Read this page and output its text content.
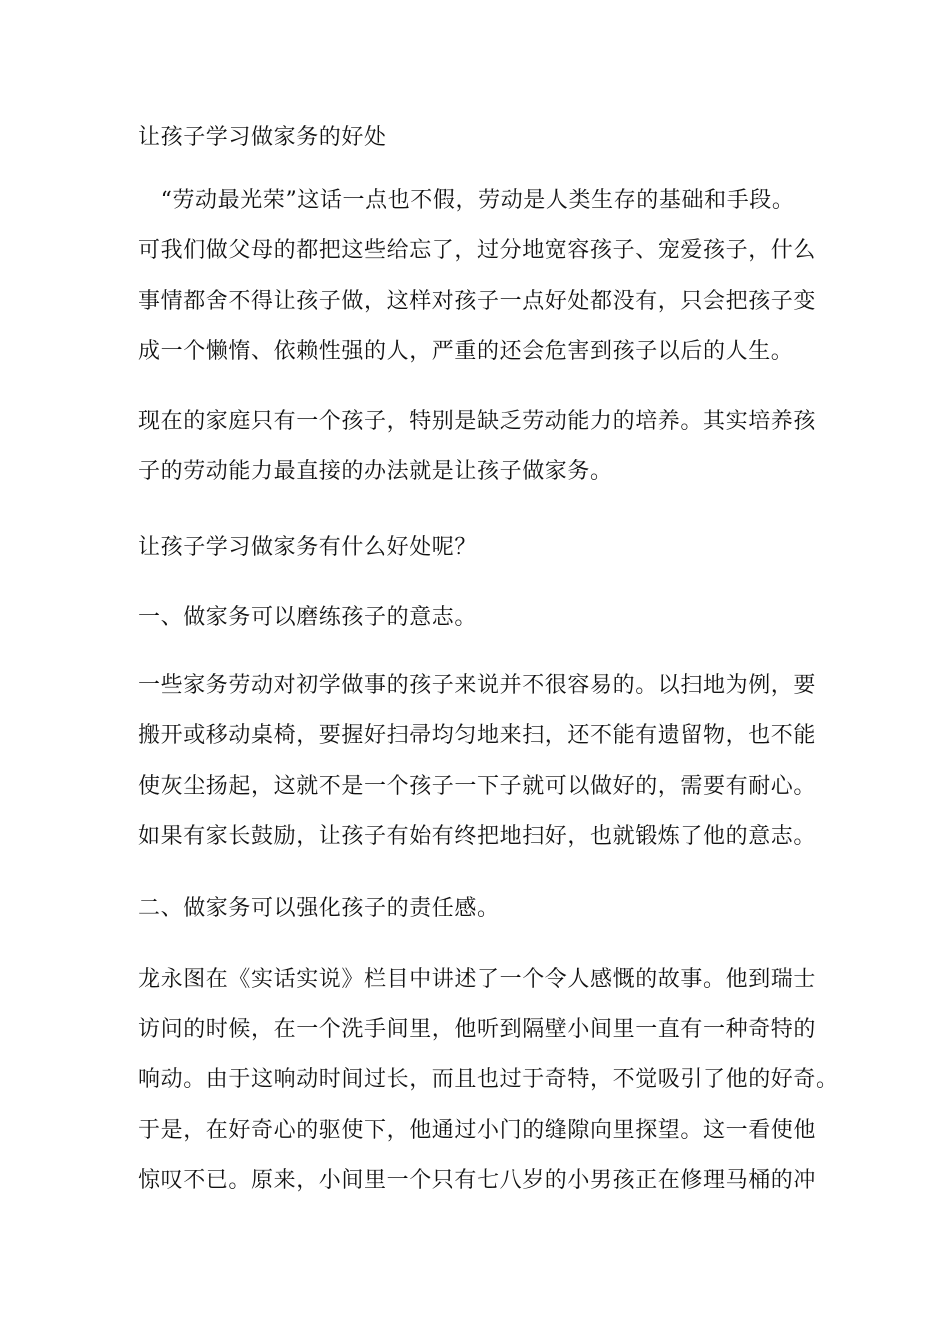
让孩子学习做家务的好处
　“劳动最光荣”这话一点也不假，劳动是人类生存的基础和手段。
可我们做父母的都把这些给忘了，过分地宽容孩子、宠爱孩子，什么
事情都舍不得让孩子做，这样对孩子一点好处都没有，只会把孩子变
成一个懒惰、依赖性强的人，严重的还会危害到孩子以后的人生。
现在的家庭只有一个孩子，特别是缺乏劳动能力的培养。其实培养孩
子的劳动能力最直接的办法就是让孩子做家务。
让孩子学习做家务有什么好处呢？
一、做家务可以磨练孩子的意志。
一些家务劳动对初学做事的孩子来说并不很容易的。以扫地为例，要
搬开或移动桌椅，要握好扫帚均匀地来扫，还不能有遗留物，也不能
使灰尘扬起，这就不是一个孩子一下子就可以做好的，需要有耐心。
如果有家长鼓励，让孩子有始有终把地扫好，也就锻炼了他的意志。
二、做家务可以强化孩子的责任感。
龙永图在《实话实说》栏目中讲述了一个令人感慨的故事。他到瑞士
访问的时候，在一个洗手间里，他听到隔壁小间里一直有一种奇特的
响动。由于这响动时间过长，而且也过于奇特，不觉吸引了他的好奇。
于是，在好奇心的驱使下，他通过小门的缝隙向里探望。这一看使他
惊叹不已。原来，小间里一个只有七八岁的小男孩正在修理马桶的冲
